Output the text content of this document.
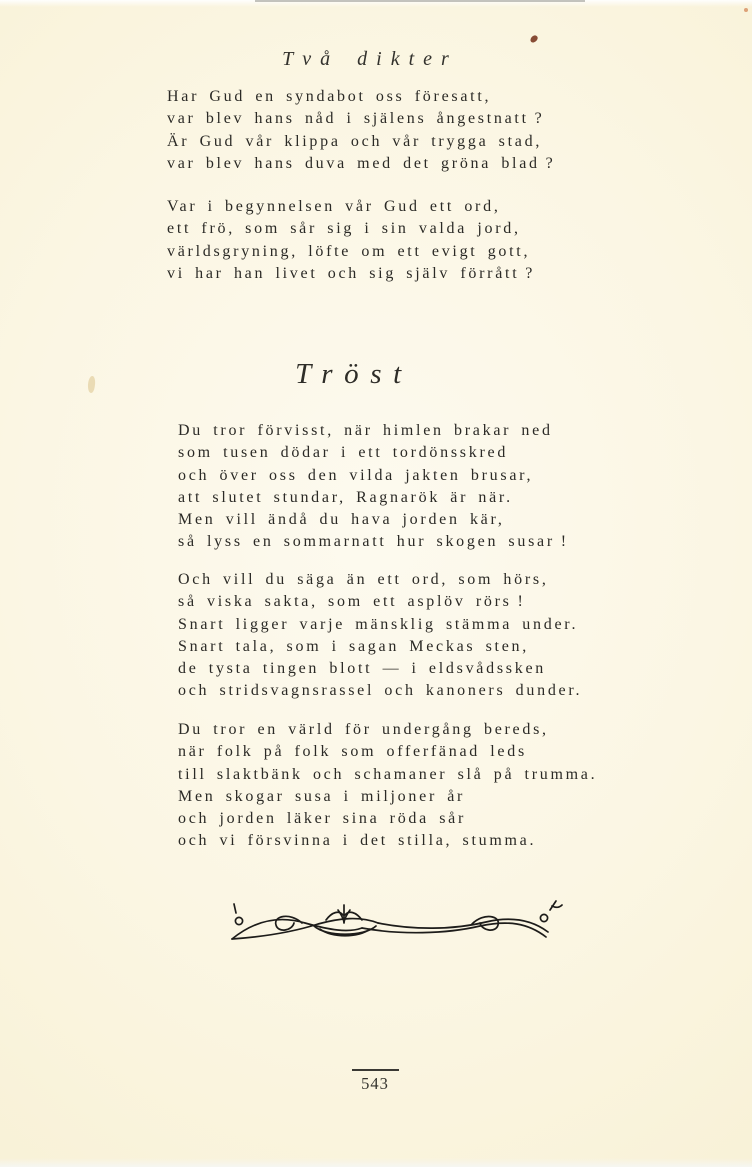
Två dikter
Har Gud en syndabot oss föresatt,
var blev hans nåd i själens ångestnatt ?
Är Gud vår klippa och vår trygga stad,
var blev hans duva med det gröna blad ?
Var i begynnelsen vår Gud ett ord,
ett frö, som sår sig i sin valda jord,
världsgryning, löfte om ett evigt gott,
vi har han livet och sig själv förrått ?
Tröst
Du tror förvisst, när himlen brakar ned
som tusen dödar i ett tordönsskred
och över oss den vilda jakten brusar,
att slutet stundar, Ragnarök är när.
Men vill ändå du hava jorden kär,
så lyss en sommarnatt hur skogen susar !
Och vill du säga än ett ord, som hörs,
så viska sakta, som ett asplöv rörs !
Snart ligger varje mänsklig stämma under.
Snart tala, som i sagan Meckas sten,
de tysta tingen blott — i eldsvådssken
och stridsvagnsrassel och kanoners dunder.
Du tror en värld för undergång bereds,
när folk på folk som offerfänad leds
till slaktbänk och schamaner slå på trumma.
Men skogar susa i miljoner år
och jorden läker sina röda sår
och vi försvinna i det stilla, stumma.
543
